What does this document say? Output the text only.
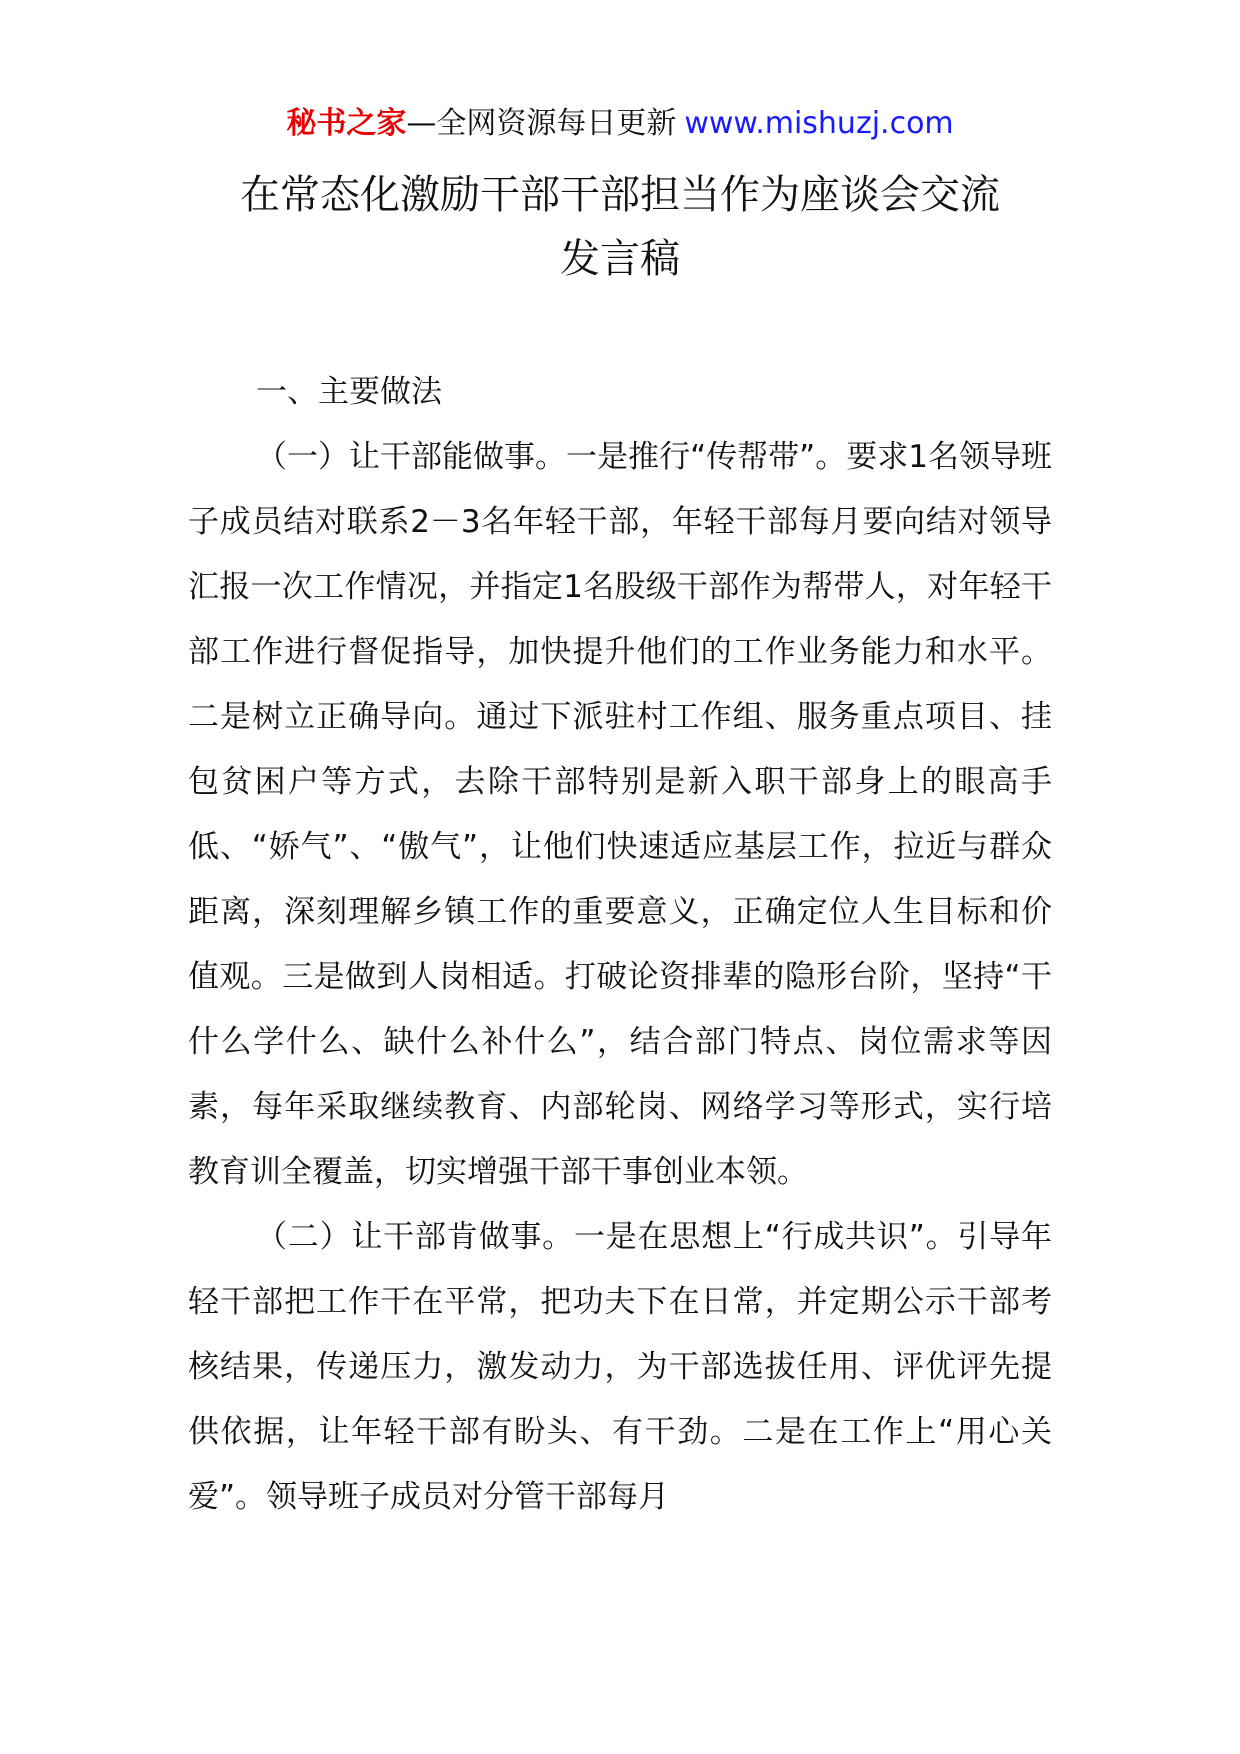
秘书之家—全网资源每日更新 www.mishuzj.com
在常态化激励干部干部担当作为座谈会交流
发言稿
一、主要做法

（一）让干部能做事。一是推行“传帮带”。要求1名领导班子成员结对联系2－3名年轻干部，年轻干部每月要向结对领导汇报一次工作情况，并指定1名股级干部作为帮带人，对年轻干部工作进行督促指导，加快提升他们的工作业务能力和水平。二是树立正确导向。通过下派驻村工作组、服务重点项目、挂包贫困户等方式，去除干部特别是新入职干部身上的眼高手低、“娇气”、“傲气”，让他们快速适应基层工作，拉近与群众距离，深刻理解乡镇工作的重要意义，正确定位人生目标和价值观。三是做到人岗相适。打破论资排辈的隐形台阶，坚持“干什么学什么、缺什么补什么”，结合部门特点、岗位需求等因素，每年采取继续教育、内部轮岗、网络学习等形式，实行培教育训全覆盖，切实增强干部干事创业本领。

（二）让干部肯做事。一是在思想上“行成共识”。引导年轻干部把工作干在平常，把功夫下在日常，并定期公示干部考核结果，传递压力，激发动力，为干部选拔任用、评优评先提供依据，让年轻干部有盼头、有干劲。二是在工作上“用心关爱”。领导班子成员对分管干部每月
